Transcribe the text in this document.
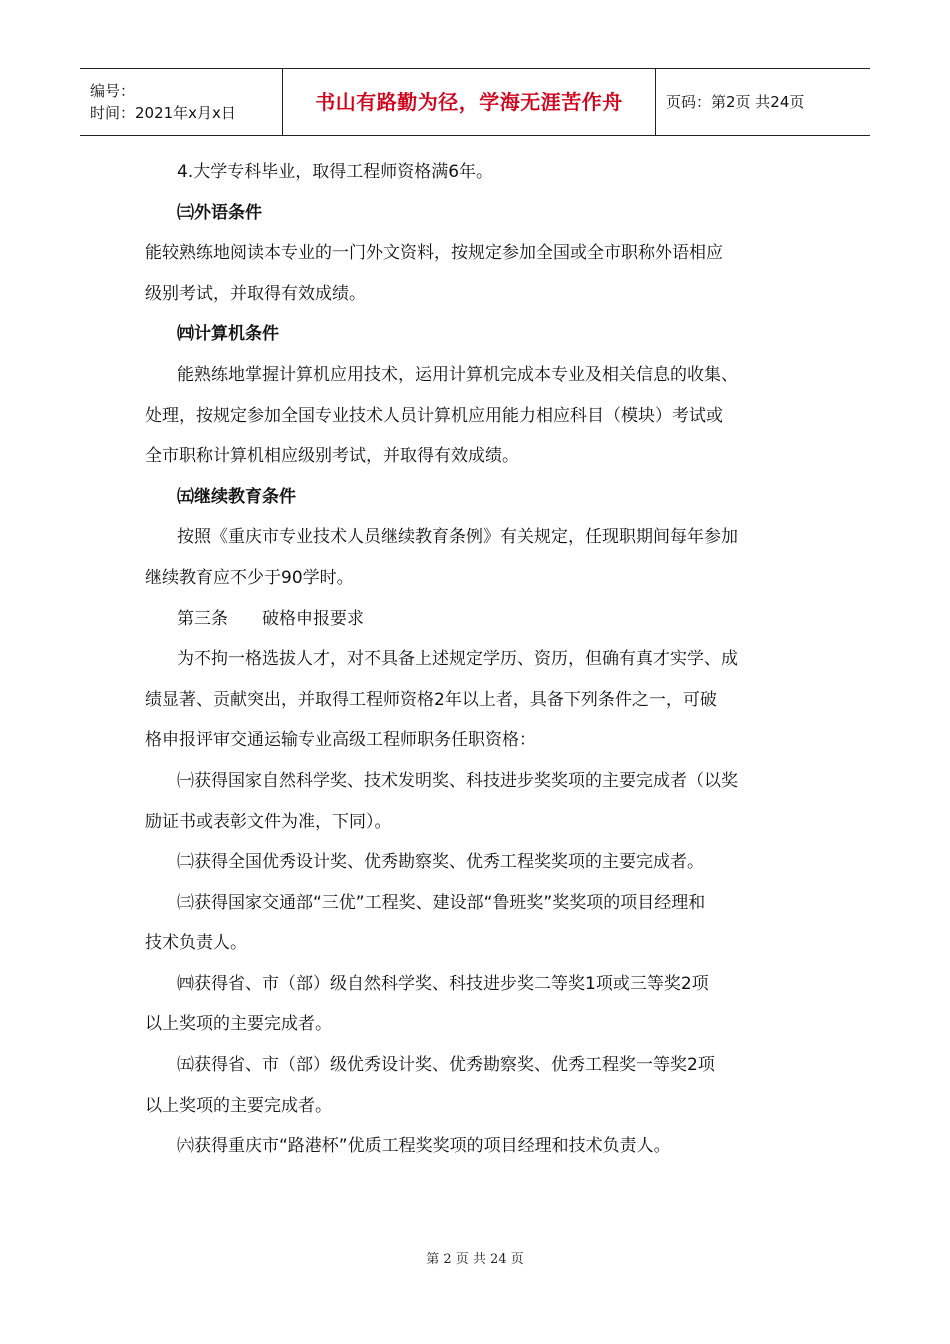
编号：
时间：2021年x月x日	书山有路勤为径，学海无涯苦作舟	页码：第2页 共24页

4.大学专科毕业，取得工程师资格满6年。

㈢外语条件

能较熟练地阅读本专业的一门外文资料，按规定参加全国或全市职称外语相应

级别考试，并取得有效成绩。

㈣计算机条件

能熟练地掌握计算机应用技术，运用计算机完成本专业及相关信息的收集、

处理，按规定参加全国专业技术人员计算机应用能力相应科目（模块）考试或

全市职称计算机相应级别考试，并取得有效成绩。

㈤继续教育条件

按照《重庆市专业技术人员继续教育条例》有关规定，任现职期间每年参加

继续教育应不少于90学时。

第三条　　破格申报要求

为不拘一格选拔人才，对不具备上述规定学历、资历，但确有真才实学、成

绩显著、贡献突出，并取得工程师资格2年以上者，具备下列条件之一，可破

格申报评审交通运输专业高级工程师职务任职资格：

㈠获得国家自然科学奖、技术发明奖、科技进步奖奖项的主要完成者（以奖

励证书或表彰文件为准，下同）。

㈡获得全国优秀设计奖、优秀勘察奖、优秀工程奖奖项的主要完成者。

㈢获得国家交通部“三优”工程奖、建设部“鲁班奖”奖奖项的项目经理和

技术负责人。

㈣获得省、市（部）级自然科学奖、科技进步奖二等奖1项或三等奖2项

以上奖项的主要完成者。

㈤获得省、市（部）级优秀设计奖、优秀勘察奖、优秀工程奖一等奖2项

以上奖项的主要完成者。

㈥获得重庆市“路港杯”优质工程奖奖项的项目经理和技术负责人。

第 2 页 共 24 页
